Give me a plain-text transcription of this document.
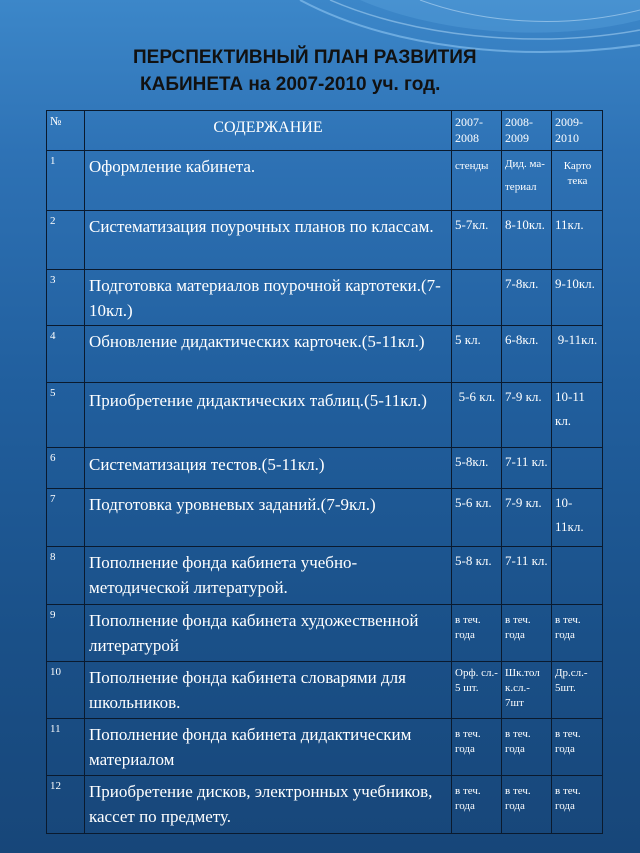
ПЕРСПЕКТИВНЫЙ ПЛАН РАЗВИТИЯ
КАБИНЕТА на 2007-2010 уч. год.
№	СОДЕРЖАНИЕ	2007-2008	2008-2009	2009-2010
1	Оформление кабинета.	стенды	Дид. ма-териал	Карто тека
2	Систематизация поурочных планов по классам.	5-7кл.	8-10кл.	11кл.
3	Подготовка материалов поурочной картотеки.(7-10кл.)		7-8кл.	9-10кл.
4	Обновление дидактических карточек.(5-11кл.)	5 кл.	6-8кл.	9-11кл.
5	Приобретение дидактических таблиц.(5-11кл.)	5-6 кл.	7-9 кл.	10-11 кл.
6	Систематизация тестов.(5-11кл.)	5-8кл.	7-11 кл.	
7	Подготовка уровневых заданий.(7-9кл.)	5-6 кл.	7-9 кл.	10-11кл.
8	Пополнение фонда кабинета учебно-методической литературой.	5-8 кл.	7-11 кл.	
9	Пополнение фонда кабинета художественной литературой	в теч. года	в теч. года	в теч. года
10	Пополнение фонда кабинета словарями для школьников.	Орф. сл.- 5 шт.	Шк.тол к.сл.- 7шт	Др.сл.- 5шт.
11	Пополнение фонда кабинета дидактическим материалом	в теч. года	в теч. года	в теч. года
12	Приобретение дисков, электронных учебников, кассет по предмету.	в теч. года	в теч. года	в теч. года
